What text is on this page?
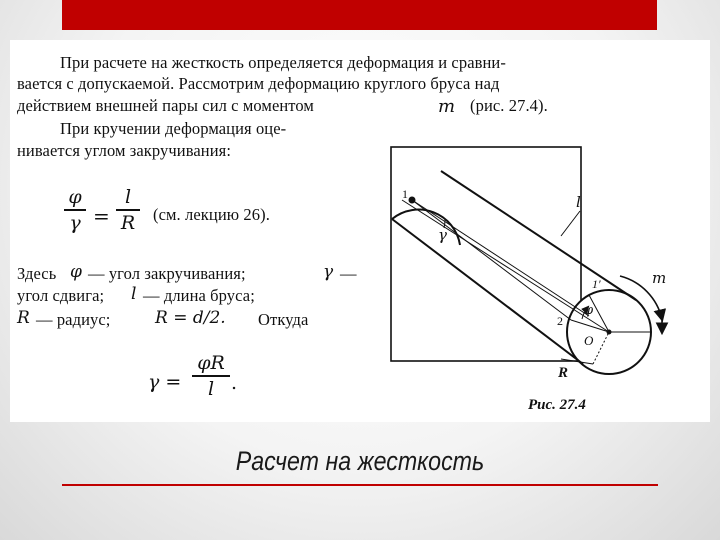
При расчете на жесткость определяется деформация и сравни-
вается с допускаемой. Рассмотрим деформацию круглого бруса над
действием внешней пары сил с моментом	m (рис. 27.4).
При кручении деформация оце-
нивается углом закручивания:
φ
γ =
l
R (см. лекцию 26).
Здесь φ — угол закручивания;	γ —
угол сдвига; l — длина бруса;
R — радиус;	R = d/2. Откуда
γ =
φR
l .
1
γ
l
1′	m
φ
2
O
R
Рис. 27.4
Расчет на жесткость
